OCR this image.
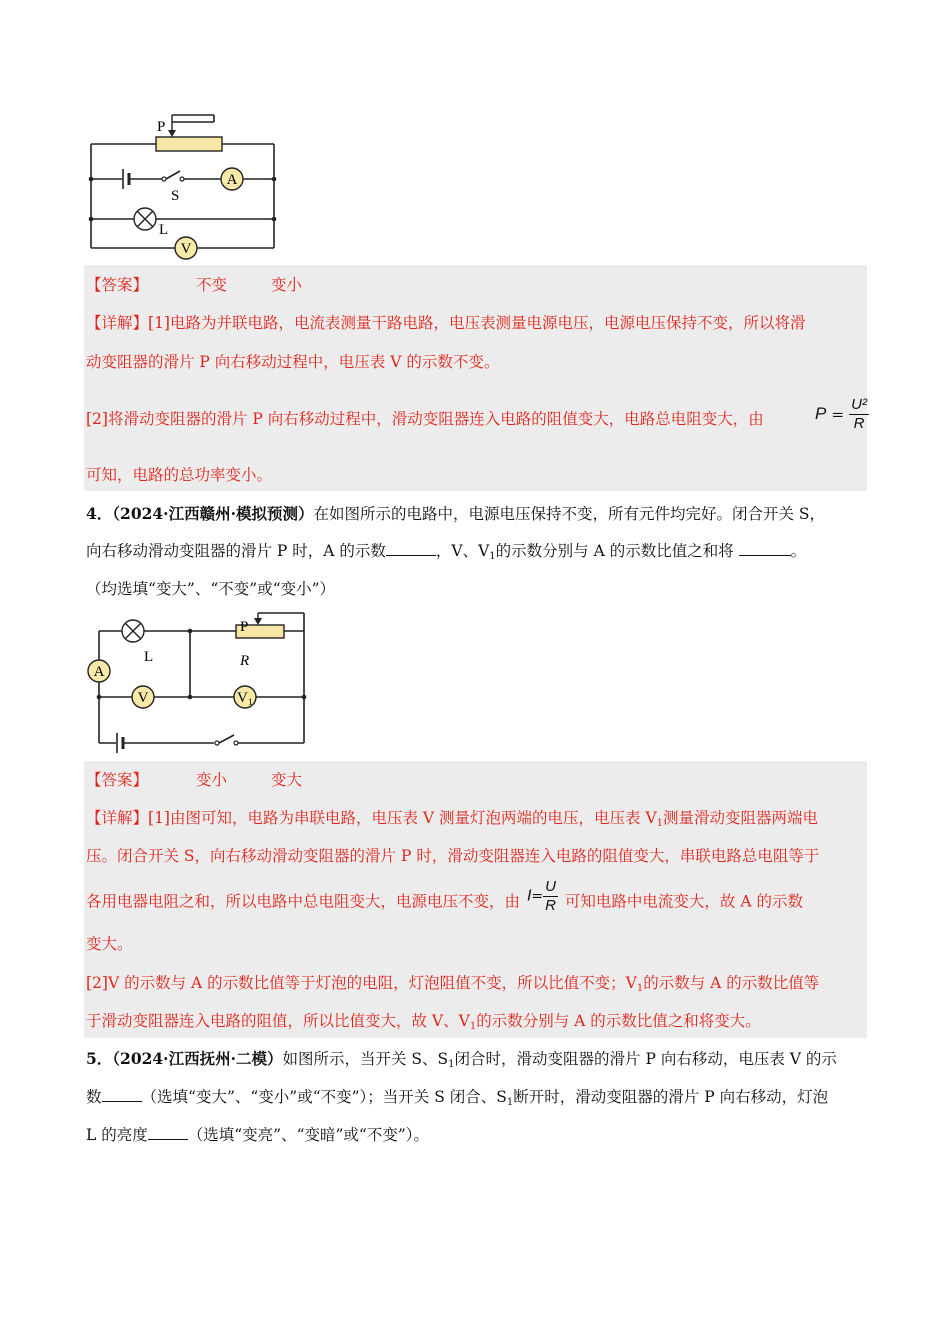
P
S
A
L
V
【答案】	不变	变小
【详解】[1]电路为并联电路，电流表测量干路电路，电压表测量电源电压，电源电压保持不变，所以将滑
动变阻器的滑片 P 向右移动过程中，电压表 V 的示数不变。
[2]将滑动变阻器的滑片 P 向右移动过程中，滑动变阻器连入电路的阻值变大，电路总电阻变大，由	$P = \frac{\text{U²}}{R}$
可知，电路的总功率变小。
4．（2024·江西赣州·模拟预测）在如图所示的电路中，电源电压保持不变，所有元件均完好。闭合开关 S，
向右移动滑动变阻器的滑片 P 时，A 的示数	，V、$V_1$的示数分别与 A 的示数比值之和将	。
（均选填“变大”、“不变”或“变小”）
A
L
V	V 1
P
R
【答案】	变小	变大
【详解】[1]由图可知，电路为串联电路，电压表 V 测量灯泡两端的电压，电压表 $V_1$测量滑动变阻器两端电
压。闭合开关 S，向右移动滑动变阻器的滑片 P 时，滑动变阻器连入电路的阻值变大，串联电路总电阻等于
各用电器电阻之和，所以电路中总电阻变大，电源电压不变，由 $I= \frac{U}{R}$ 可知电路中电流变大，故 A 的示数
变大。
[2]V 的示数与 A 的示数比值等于灯泡的电阻，灯泡阻值不变，所以比值不变；$V_1$的示数与 A 的示数比值等
于滑动变阻器连入电路的阻值，所以比值变大，故 V、$V_1$的示数分别与 A 的示数比值之和将变大。
5．（2024·江西抚州·二模）如图所示，当开关 S、$S_1$闭合时，滑动变阻器的滑片 P 向右移动，电压表 V 的示
数	（选填“变大”、“变小”或“不变”）；当开关 S 闭合、$S_1$断开时，滑动变阻器的滑片 P 向右移动，灯泡
L 的亮度	（选填“变亮”、“变暗”或“不变”）。
